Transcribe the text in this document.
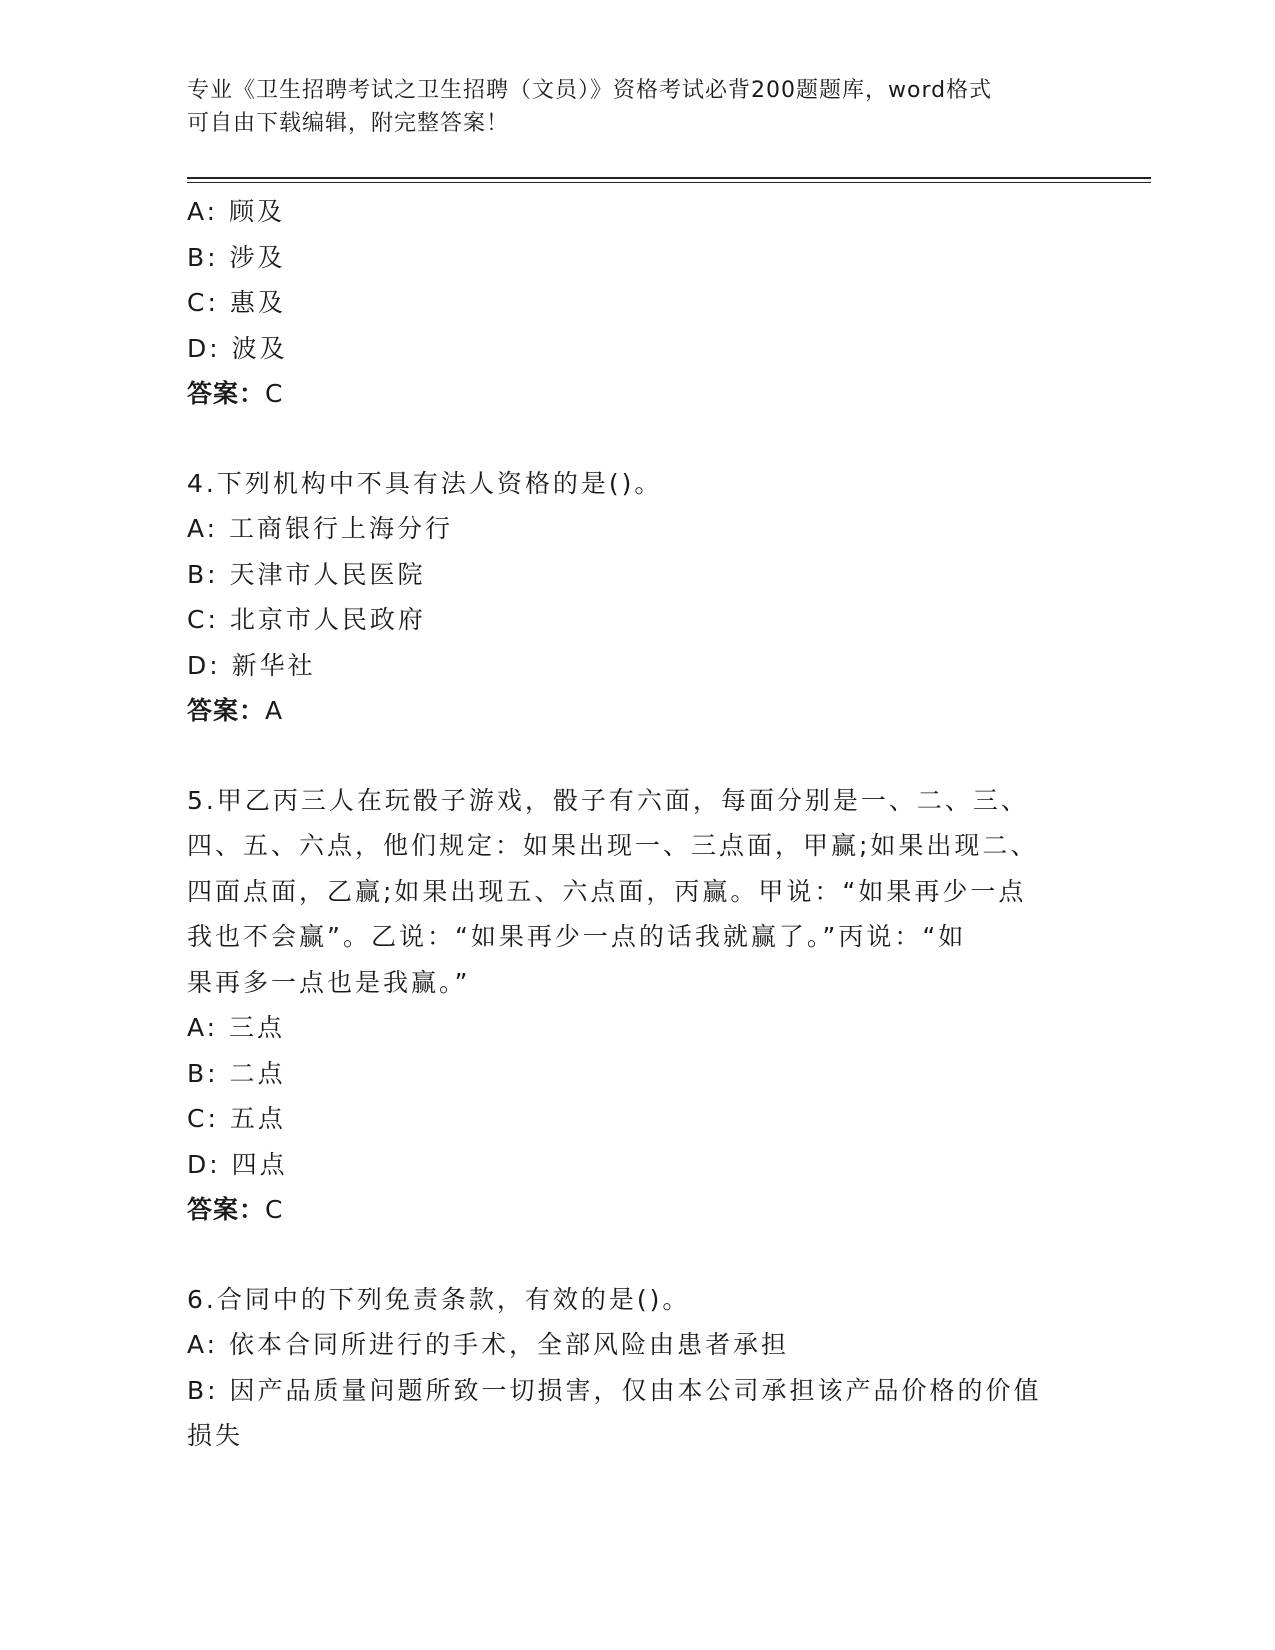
专业《卫生招聘考试之卫生招聘（文员）》资格考试必背200题题库，word格式
可自由下载编辑，附完整答案！
A: 顾及
B: 涉及
C: 惠及
D: 波及
答案：C
4.下列机构中不具有法人资格的是()。
A: 工商银行上海分行
B: 天津市人民医院
C: 北京市人民政府
D: 新华社
答案：A
5.甲乙丙三人在玩骰子游戏，骰子有六面，每面分别是一、二、三、
四、五、六点，他们规定：如果出现一、三点面，甲赢;如果出现二、
四面点面，乙赢;如果出现五、六点面，丙赢。甲说：“如果再少一点
我也不会赢”。乙说：“如果再少一点的话我就赢了。”丙说：“如
果再多一点也是我赢。”
A: 三点
B: 二点
C: 五点
D: 四点
答案：C
6.合同中的下列免责条款，有效的是()。
A: 依本合同所进行的手术，全部风险由患者承担
B: 因产品质量问题所致一切损害，仅由本公司承担该产品价格的价值
损失
